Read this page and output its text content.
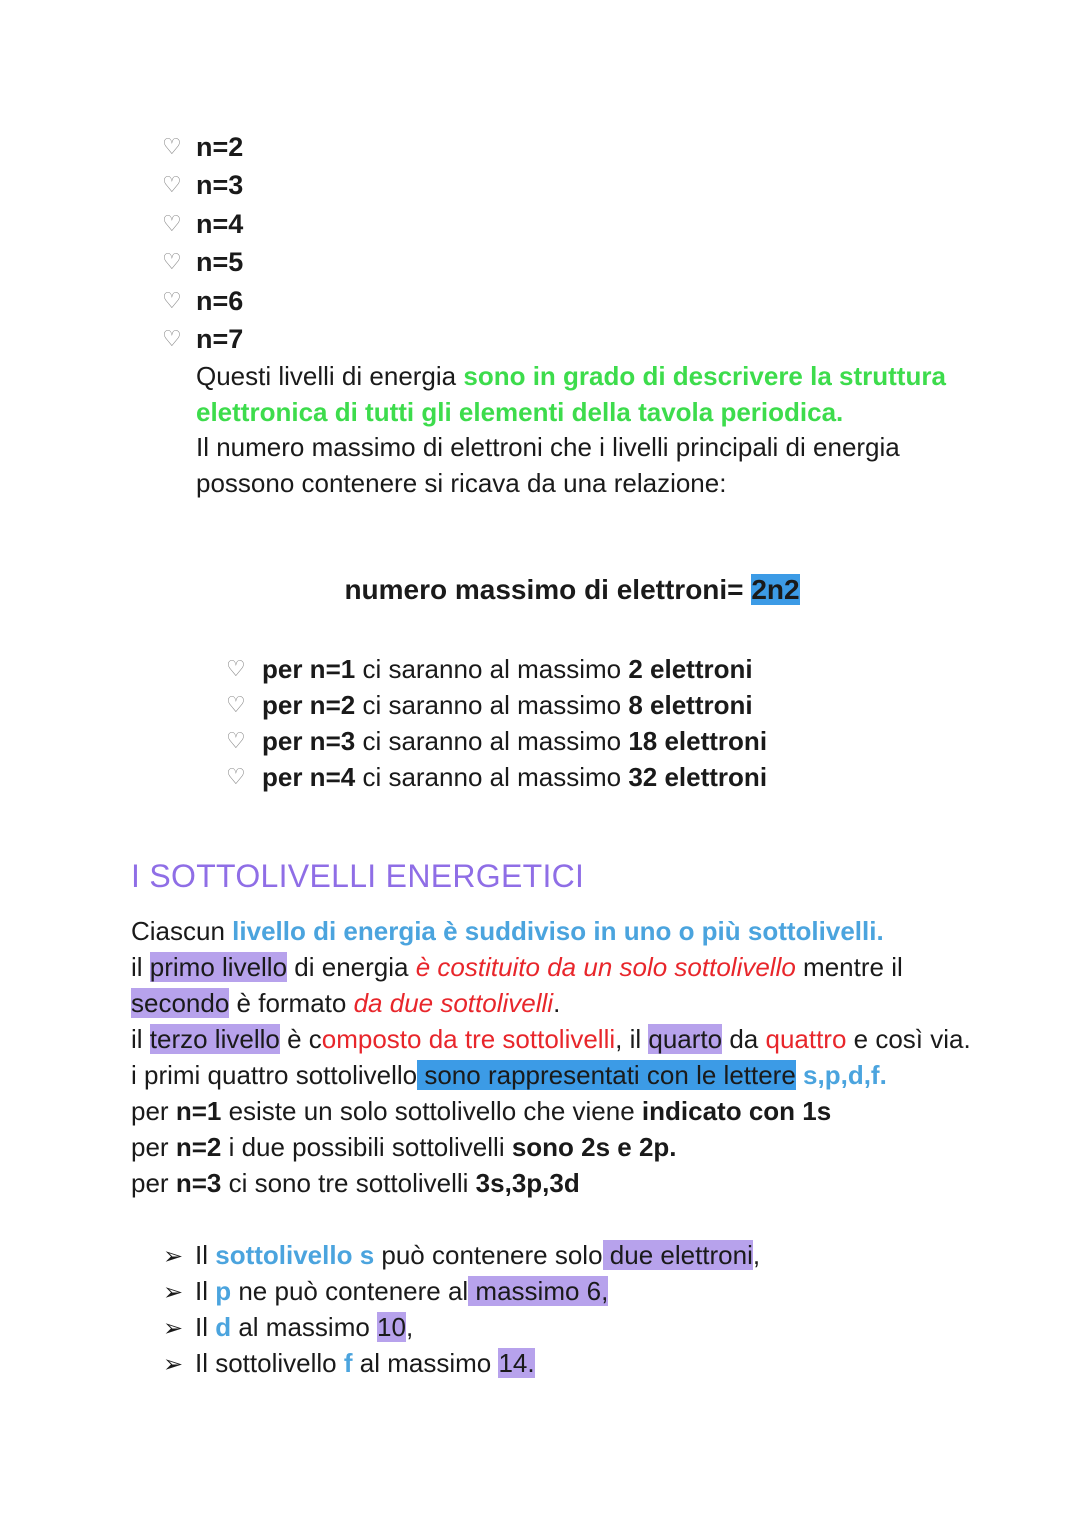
♡ n=2
♡ n=3
♡ n=4
♡ n=5
♡ n=6
♡ n=7

Questi livelli di energia sono in grado di descrivere la struttura elettronica di tutti gli elementi della tavola periodica.
Il numero massimo di elettroni che i livelli principali di energia possono contenere si ricava da una relazione:

numero massimo di elettroni= 2n2

♡ per n=1 ci saranno al massimo 2 elettroni
♡ per n=2 ci saranno al massimo 8 elettroni
♡ per n=3 ci saranno al massimo 18 elettroni
♡ per n=4 ci saranno al massimo 32 elettroni
I SOTTOLIVELLI ENERGETICI

Ciascun livello di energia è suddiviso in uno o più sottolivelli.
il primo livello di energia è costituito da un solo sottolivello mentre il
secondo è formato da due sottolivelli.
il terzo livello è composto da tre sottolivelli, il quarto da quattro e così via.
i primi quattro sottolivello sono rappresentati con le lettere s,p,d,f.
per n=1 esiste un solo sottolivello che viene indicato con 1s
per n=2 i due possibili sottolivelli sono 2s e 2p.
per n=3 ci sono tre sottolivelli 3s,3p,3d

➢ Il sottolivello s può contenere solo due elettroni,
➢ Il p ne può contenere al massimo 6,
➢ Il d al massimo 10,
➢ Il sottolivello f al massimo 14.
